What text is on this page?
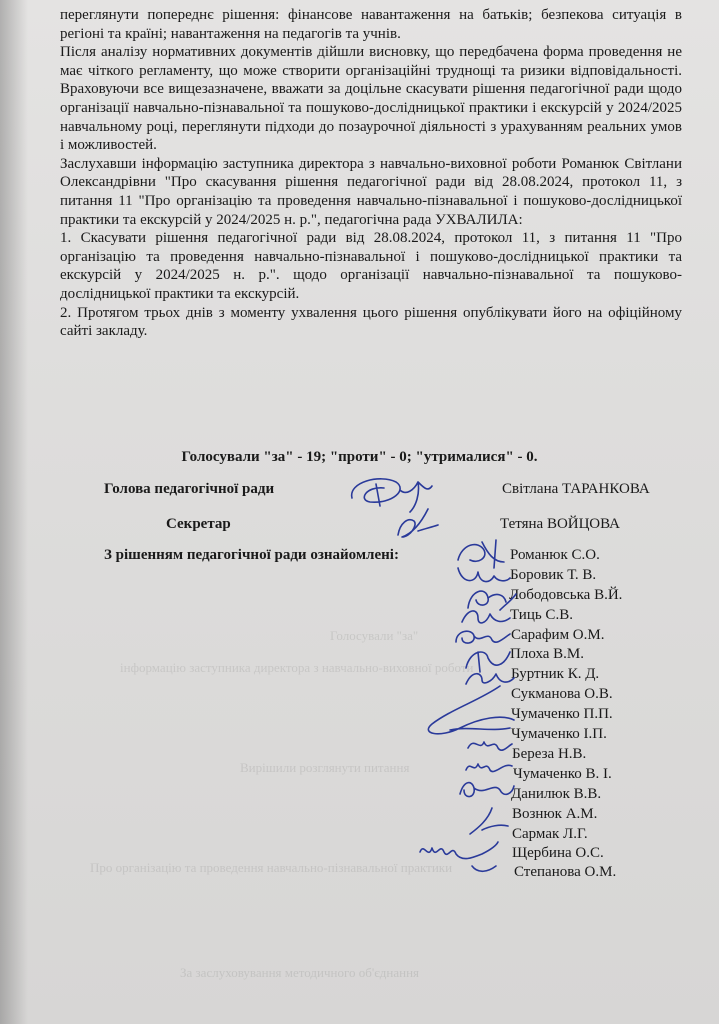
Голосували "за"
інформацію заступника директора з навчально-виховної роботи
Вирішили розглянути питання
Про організацію та проведення навчально-пізнавальної практики
За заслуховування методичного об'єднання

переглянути попереднє рішення: фінансове навантаження на батьків; безпекова ситуація в регіоні та країні; навантаження на педагогів та учнів.

Після аналізу нормативних документів дійшли висновку, що передбачена форма проведення не має чіткого регламенту, що може створити організаційні труднощі та ризики відповідальності. Враховуючи все вищезазначене, вважати за доцільне скасувати рішення педагогічної ради щодо організації навчально-пізнавальної та пошуково-дослідницької практики і екскурсій у 2024/2025 навчальному році, переглянути підходи до позаурочної діяльності з урахуванням реальних умов і можливостей.

Заслухавши інформацію заступника директора з навчально-виховної роботи Романюк Світлани Олександрівни "Про скасування рішення педагогічної ради від 28.08.2024, протокол 11, з питання 11 "Про організацію та проведення навчально-пізнавальної і пошуково-дослідницької практики та екскурсій у 2024/2025 н. р.", педагогічна рада УХВАЛИЛА:

1. Скасувати рішення педагогічної ради від 28.08.2024, протокол 11, з питання 11 "Про організацію та проведення навчально-пізнавальної і пошуково-дослідницької практики та екскурсій у 2024/2025 н. р.". щодо організації навчально-пізнавальної та пошуково-дослідницької практики та екскурсій.

2. Протягом трьох днів з моменту ухвалення цього рішення опублікувати його на офіційному сайті закладу.

Голосували "за" - 19; "проти" - 0; "утрималися" - 0.
Голова педагогічної ради	Світлана ТАРАНКОВА
Секретар	Тетяна ВОЙЦОВА
З рішенням педагогічної ради ознайомлені:	Романюк С.О.
Боровик Т. В.
Лободовська В.Й.
Тиць С.В.
Сарафим О.М.
Плоха В.М.
Буртник К. Д.
Сукманова О.В.
Чумаченко П.П.
Чумаченко І.П.
Береза Н.В.
Чумаченко В. І.
Данилюк В.В.
Вознюк А.М.
Сармак Л.Г.
Щербина О.С.
Степанова О.М.
